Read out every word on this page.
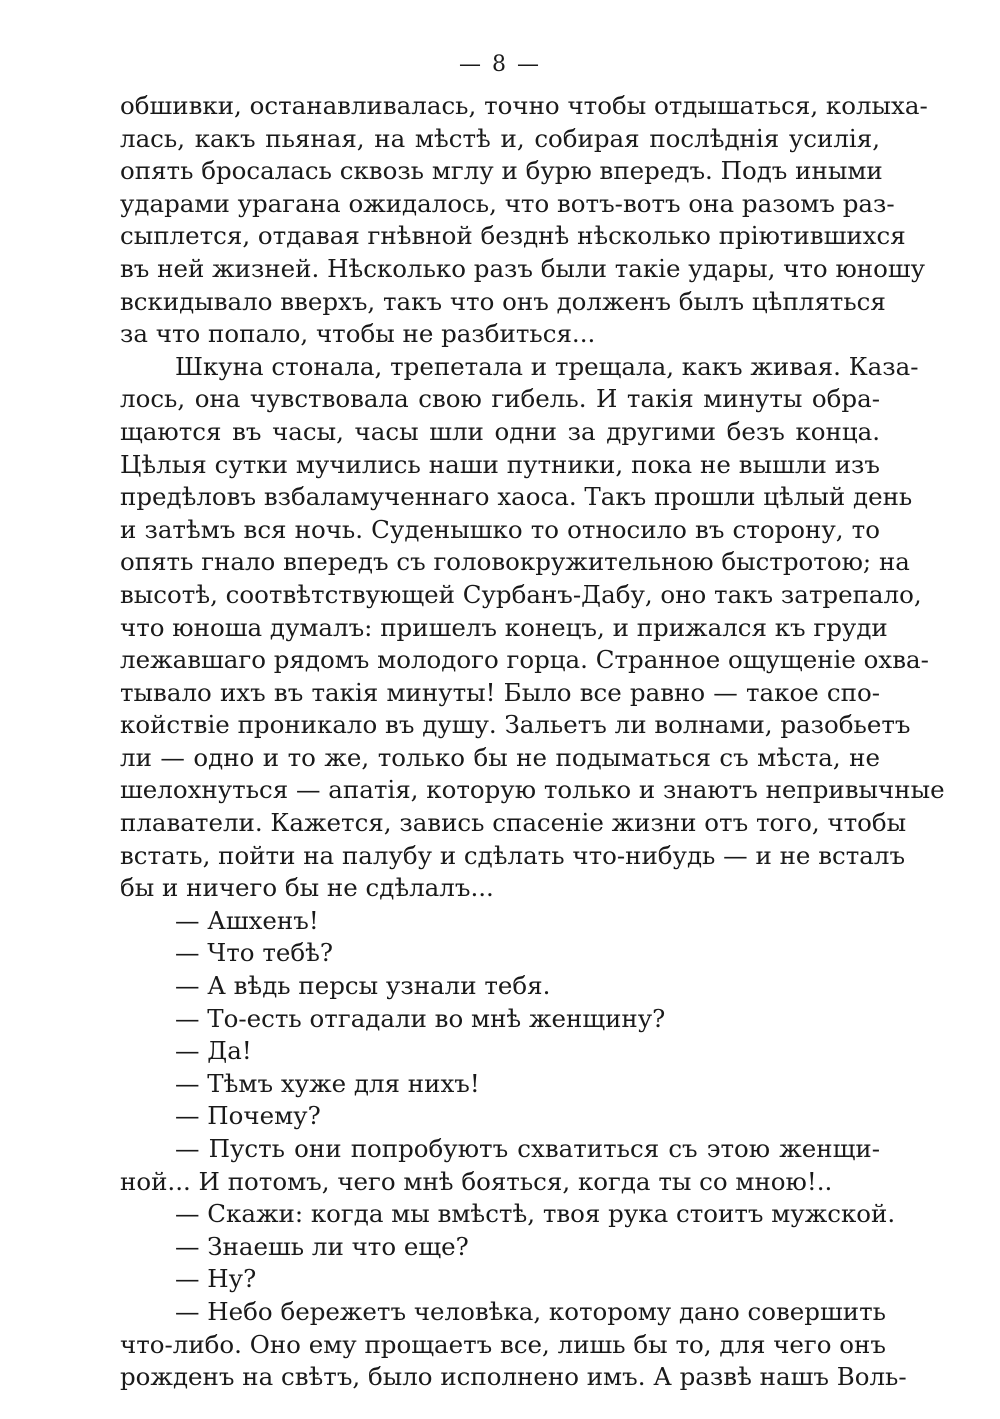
— 8 —
обшивки, останавливалась, точно чтобы отдышаться, колыха-
лась, какъ пьяная, на мѣстѣ и, собирая послѣднія усилія,
опять бросалась сквозь мглу и бурю впередъ. Подъ иными
ударами урагана ожидалось, что вотъ-вотъ она разомъ раз-
сыплется, отдавая гнѣвной безднѣ нѣсколько пріютившихся
въ ней жизней. Нѣсколько разъ были такіе удары, что юношу
вскидывало вверхъ, такъ что онъ долженъ былъ цѣпляться
за что попало, чтобы не разбиться...
Шкуна стонала, трепетала и трещала, какъ живая. Каза-
лось, она чувствовала свою гибель. И такія минуты обра-
щаются въ часы, часы шли одни за другими безъ конца.
Цѣлыя сутки мучились наши путники, пока не вышли изъ
предѣловъ взбаламученнаго хаоса. Такъ прошли цѣлый день
и затѣмъ вся ночь. Суденышко то относило въ сторону, то
опять гнало впередъ съ головокружительною быстротою; на
высотѣ, соотвѣтствующей Сурбанъ-Дабу, оно такъ затрепало,
что юноша думалъ: пришелъ конецъ, и прижался къ груди
лежавшаго рядомъ молодого горца. Странное ощущеніе охва-
тывало ихъ въ такія минуты! Было все равно — такое спо-
койствіе проникало въ душу. Зальетъ ли волнами, разобьетъ
ли — одно и то же, только бы не подыматься съ мѣста, не
шелохнуться — апатія, которую только и знаютъ непривычные
плаватели. Кажется, завись спасеніе жизни отъ того, чтобы
встать, пойти на палубу и сдѣлать что-нибудь — и не всталъ
бы и ничего бы не сдѣлалъ...
— Ашхенъ!
— Что тебѣ?
— А вѣдь персы узнали тебя.
— То-есть отгадали во мнѣ женщину?
— Да!
— Тѣмъ хуже для нихъ!
— Почему?
— Пусть они попробуютъ схватиться съ этою женщи-
ной... И потомъ, чего мнѣ бояться, когда ты со мною!..
— Скажи: когда мы вмѣстѣ, твоя рука стоитъ мужской.
— Знаешь ли что еще?
— Ну?
— Небо бережетъ человѣка, которому дано совершить
что-либо. Оно ему прощаетъ все, лишь бы то, для чего онъ
рожденъ на свѣтъ, было исполнено имъ. А развѣ нашъ Воль-
